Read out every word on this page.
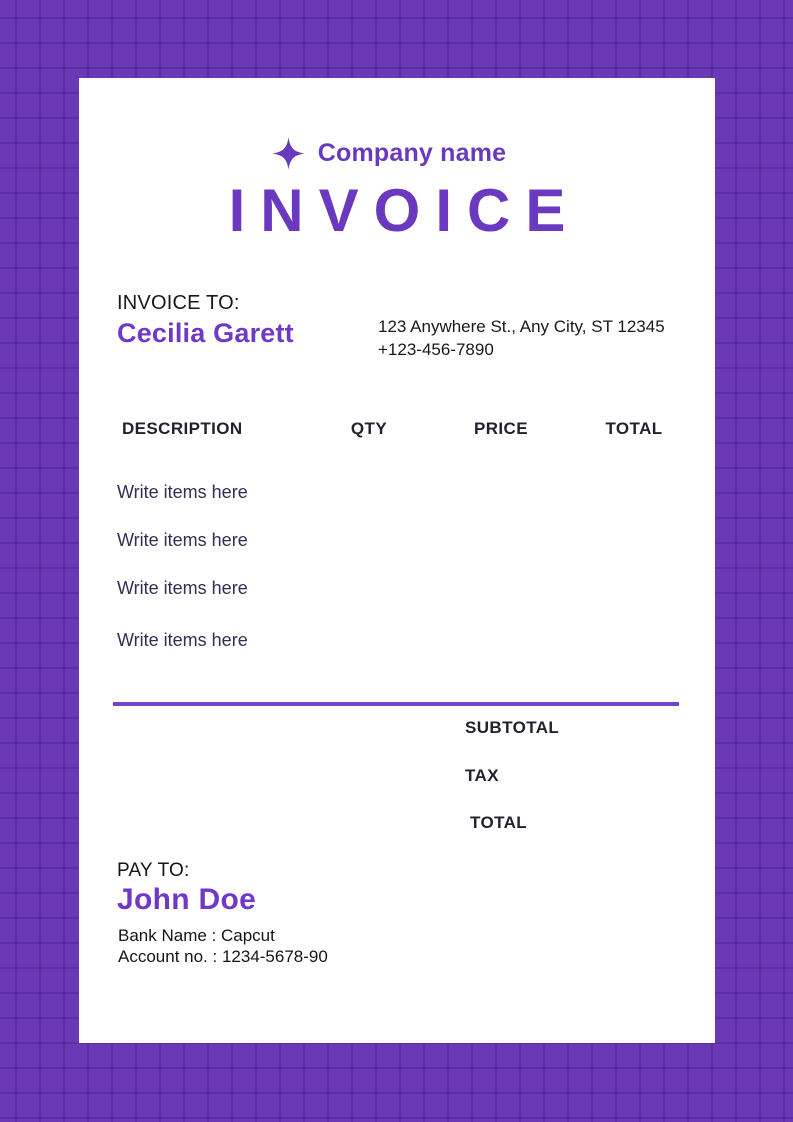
Company name
INVOICE
INVOICE TO:
Cecilia Garett	123 Anywhere St., Any City, ST 12345
+123-456-7890
DESCRIPTION	QTY	PRICE	TOTAL
Write items here
Write items here
Write items here
Write items here
SUBTOTAL
TAX
TOTAL
PAY TO:
John Doe
Bank Name : Capcut
Account no. : 1234-5678-90
